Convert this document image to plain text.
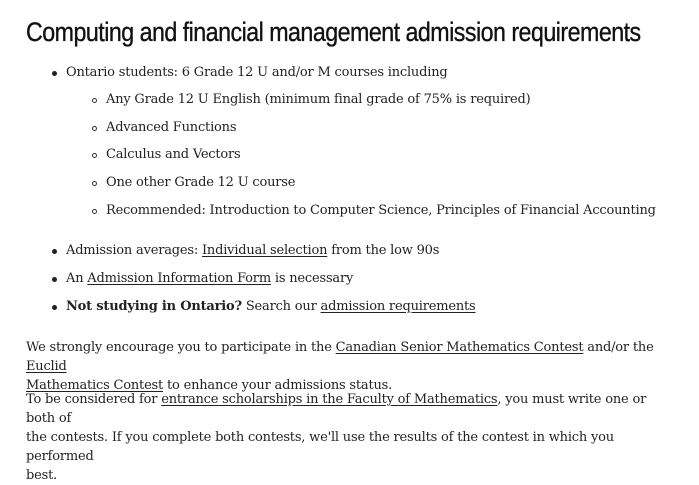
Computing and financial management admission requirements
Ontario students: 6 Grade 12 U and/or M courses including
Any Grade 12 U English (minimum final grade of 75% is required)
Advanced Functions
Calculus and Vectors
One other Grade 12 U course
Recommended: Introduction to Computer Science, Principles of Financial Accounting
Admission averages: Individual selection from the low 90s
An Admission Information Form is necessary
Not studying in Ontario? Search our admission requirements

We strongly encourage you to participate in the Canadian Senior Mathematics Contest and/or the Euclid
Mathematics Contest to enhance your admissions status.

To be considered for entrance scholarships in the Faculty of Mathematics, you must write one or both of
the contests. If you complete both contests, we'll use the results of the contest in which you performed
best.
